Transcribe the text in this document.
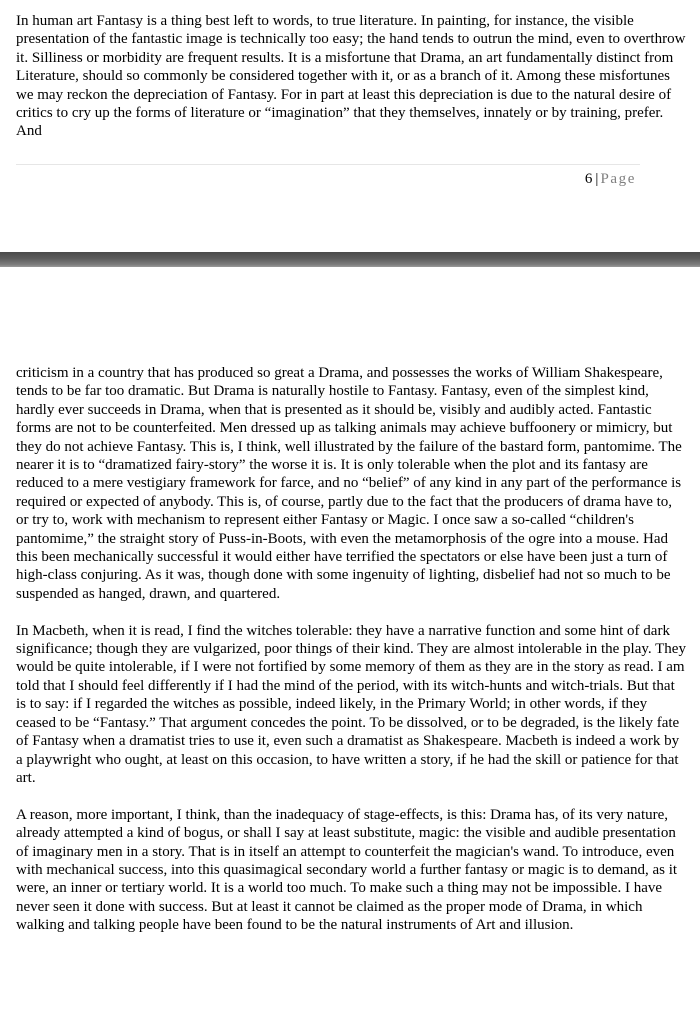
In human art Fantasy is a thing best left to words, to true literature. In painting, for instance, the visible presentation of the fantastic image is technically too easy; the hand tends to outrun the mind, even to overthrow it. Silliness or morbidity are frequent results. It is a misfortune that Drama, an art fundamentally distinct from Literature, should so commonly be considered together with it, or as a branch of it. Among these misfortunes we may reckon the depreciation of Fantasy. For in part at least this depreciation is due to the natural desire of critics to cry up the forms of literature or “imagination” that they themselves, innately or by training, prefer. And

6 | Page

criticism in a country that has produced so great a Drama, and possesses the works of William Shakespeare, tends to be far too dramatic. But Drama is naturally hostile to Fantasy. Fantasy, even of the simplest kind, hardly ever succeeds in Drama, when that is presented as it should be, visibly and audibly acted. Fantastic forms are not to be counterfeited. Men dressed up as talking animals may achieve buffoonery or mimicry, but they do not achieve Fantasy. This is, I think, well illustrated by the failure of the bastard form, pantomime. The nearer it is to “dramatized fairy-story” the worse it is. It is only tolerable when the plot and its fantasy are reduced to a mere vestigiary framework for farce, and no “belief” of any kind in any part of the performance is required or expected of anybody. This is, of course, partly due to the fact that the producers of drama have to, or try to, work with mechanism to represent either Fantasy or Magic. I once saw a so-called “children's pantomime,” the straight story of Puss-in-Boots, with even the metamorphosis of the ogre into a mouse. Had this been mechanically successful it would either have terrified the spectators or else have been just a turn of high-class conjuring. As it was, though done with some ingenuity of lighting, disbelief had not so much to be suspended as hanged, drawn, and quartered.

In Macbeth, when it is read, I find the witches tolerable: they have a narrative function and some hint of dark significance; though they are vulgarized, poor things of their kind. They are almost intolerable in the play. They would be quite intolerable, if I were not fortified by some memory of them as they are in the story as read. I am told that I should feel differently if I had the mind of the period, with its witch-hunts and witch-trials. But that is to say: if I regarded the witches as possible, indeed likely, in the Primary World; in other words, if they ceased to be “Fantasy.” That argument concedes the point. To be dissolved, or to be degraded, is the likely fate of Fantasy when a dramatist tries to use it, even such a dramatist as Shakespeare. Macbeth is indeed a work by a playwright who ought, at least on this occasion, to have written a story, if he had the skill or patience for that art.

A reason, more important, I think, than the inadequacy of stage-effects, is this: Drama has, of its very nature, already attempted a kind of bogus, or shall I say at least substitute, magic: the visible and audible presentation of imaginary men in a story. That is in itself an attempt to counterfeit the magician's wand. To introduce, even with mechanical success, into this quasimagical secondary world a further fantasy or magic is to demand, as it were, an inner or tertiary world. It is a world too much. To make such a thing may not be impossible. I have never seen it done with success. But at least it cannot be claimed as the proper mode of Drama, in which walking and talking people have been found to be the natural instruments of Art and illusion.
